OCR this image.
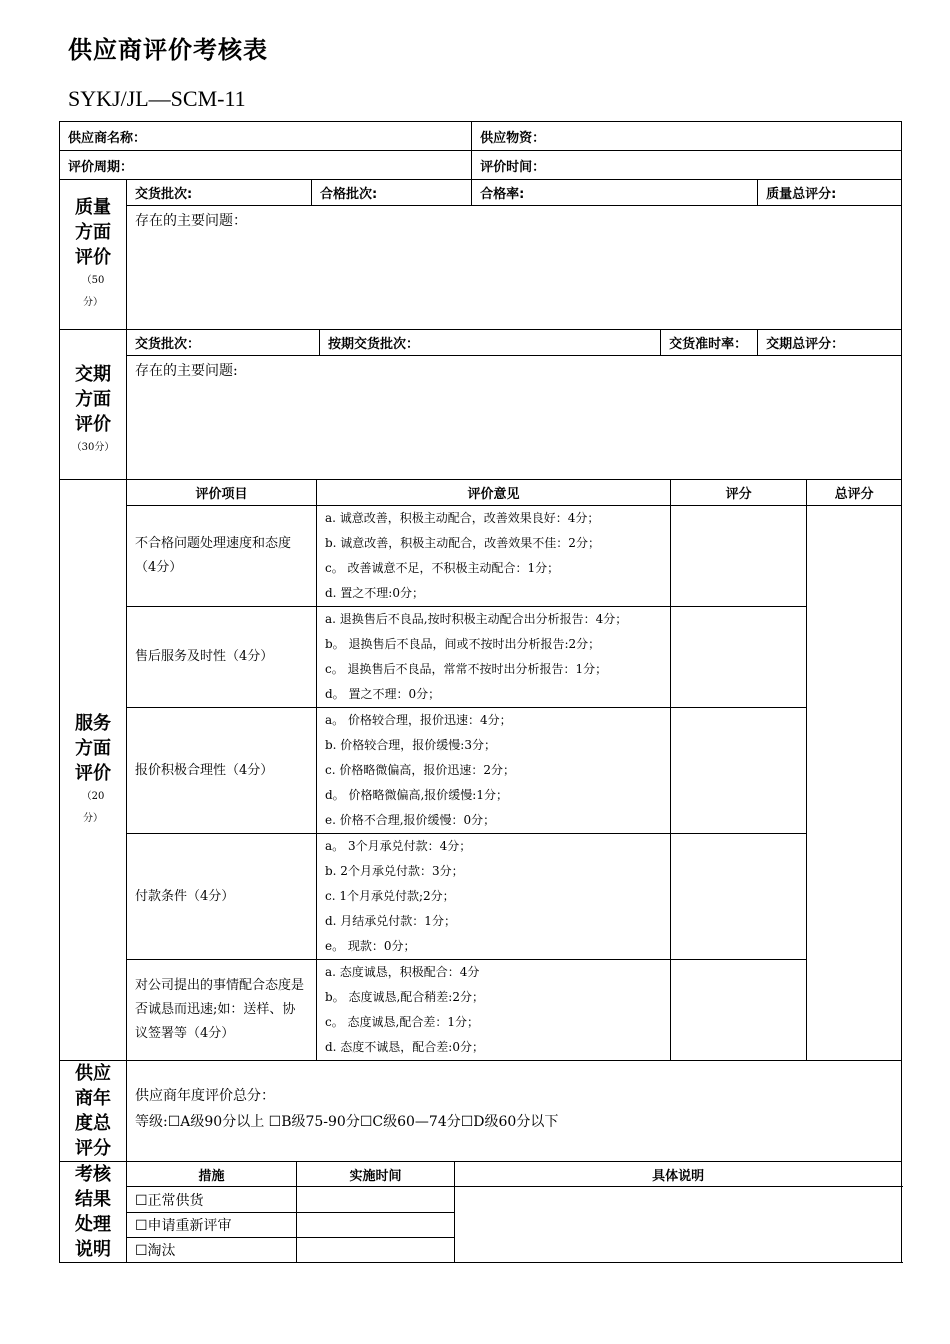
供应商评价考核表
SYKJ/JL—SCM-11
供应商名称：							供应物资：				
评价周期：							评价时间：				

质量方面评价
（50
分）	交货批次:		合格批次:				合格率:			质量总评分:	
	存在的主要问题：										

交期方面评价
（30分）	交货批次：				按期交货批次：			交货准时率：		交期总评分：	
	存在的主要问题:										

服务方面评价
（20
分）	评价项目			评价意见					评分		总评分
	不合格问题处理速度和态度（4分）			a. 诚意改善，积极主动配合，改善效果良好：4分；
b. 诚意改善，积极主动配合，改善效果不佳：2分；
c。 改善诚意不足，不积极主动配合：1分；
d. 置之不理:0分；							

	售后服务及时性（4分）			a. 退换售后不良品,按时积极主动配合出分析报告：4分；
b。 退换售后不良品，间或不按时出分析报告:2分；
c。 退换售后不良品，常常不按时出分析报告：1分；
d。 置之不理：0分；							

	报价积极合理性（4分）			a。 价格较合理，报价迅速：4分；
b. 价格较合理，报价缓慢:3分；
c. 价格略微偏高，报价迅速：2分；
d。 价格略微偏高,报价缓慢:1分；
e. 价格不合理,报价缓慢：0分；							

	付款条件（4分）			a。 3个月承兑付款：4分；
b. 2个月承兑付款：3分；
c. 1个月承兑付款;2分；
d. 月结承兑付款：1分；
e。 现款：0分；							

	对公司提出的事情配合态度是否诚恳而迅速;如：送样、协议签署等（4分）			a. 态度诚恳，积极配合：4分
b。 态度诚恳,配合稍差:2分；
c。 态度诚恳,配合差：1分；
d. 态度不诚恳，配合差:0分；							

供应商年度总评分	供应商年度评价总分：
等级:☐A级90分以上 ☐B级75-90分☐C级60—74分☐D级60分以下										

考核结果处理说明	措施	实施时间				具体说明					
	☐正常供货										
	☐申请重新评审										
	☐淘汰										
